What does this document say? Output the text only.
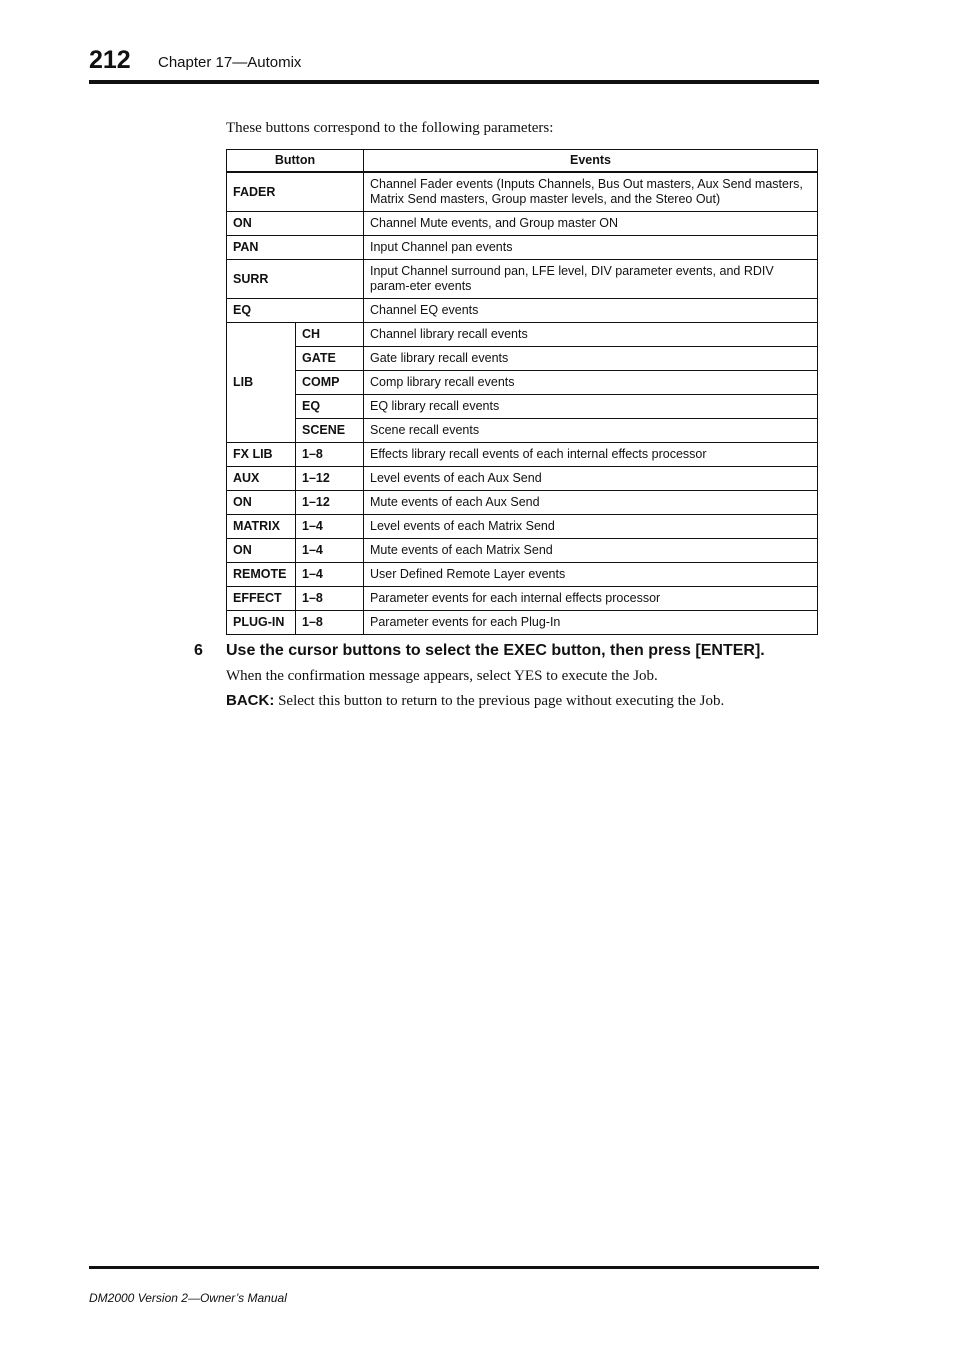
212 Chapter 17—Automix
These buttons correspond to the following parameters:
Button		Events
FADER		Channel Fader events (Inputs Channels, Bus Out masters, Aux Send masters, Matrix Send masters, Group master levels, and the Stereo Out)
ON		Channel Mute events, and Group master ON
PAN		Input Channel pan events
SURR		Input Channel surround pan, LFE level, DIV parameter events, and RDIV param-eter events
EQ		Channel EQ events
LIB	CH	Channel library recall events
	GATE	Gate library recall events
	COMP	Comp library recall events
	EQ	EQ library recall events
	SCENE	Scene recall events
FX LIB	1–8	Effects library recall events of each internal effects processor
AUX	1–12	Level events of each Aux Send
ON	1–12	Mute events of each Aux Send
MATRIX	1–4	Level events of each Matrix Send
ON	1–4	Mute events of each Matrix Send
REMOTE	1–4	User Defined Remote Layer events
EFFECT	1–8	Parameter events for each internal effects processor
PLUG-IN	1–8	Parameter events for each Plug-In
6 Use the cursor buttons to select the EXEC button, then press [ENTER].
When the confirmation message appears, select YES to execute the Job.
BACK: Select this button to return to the previous page without executing the Job.
DM2000 Version 2—Owner’s Manual
